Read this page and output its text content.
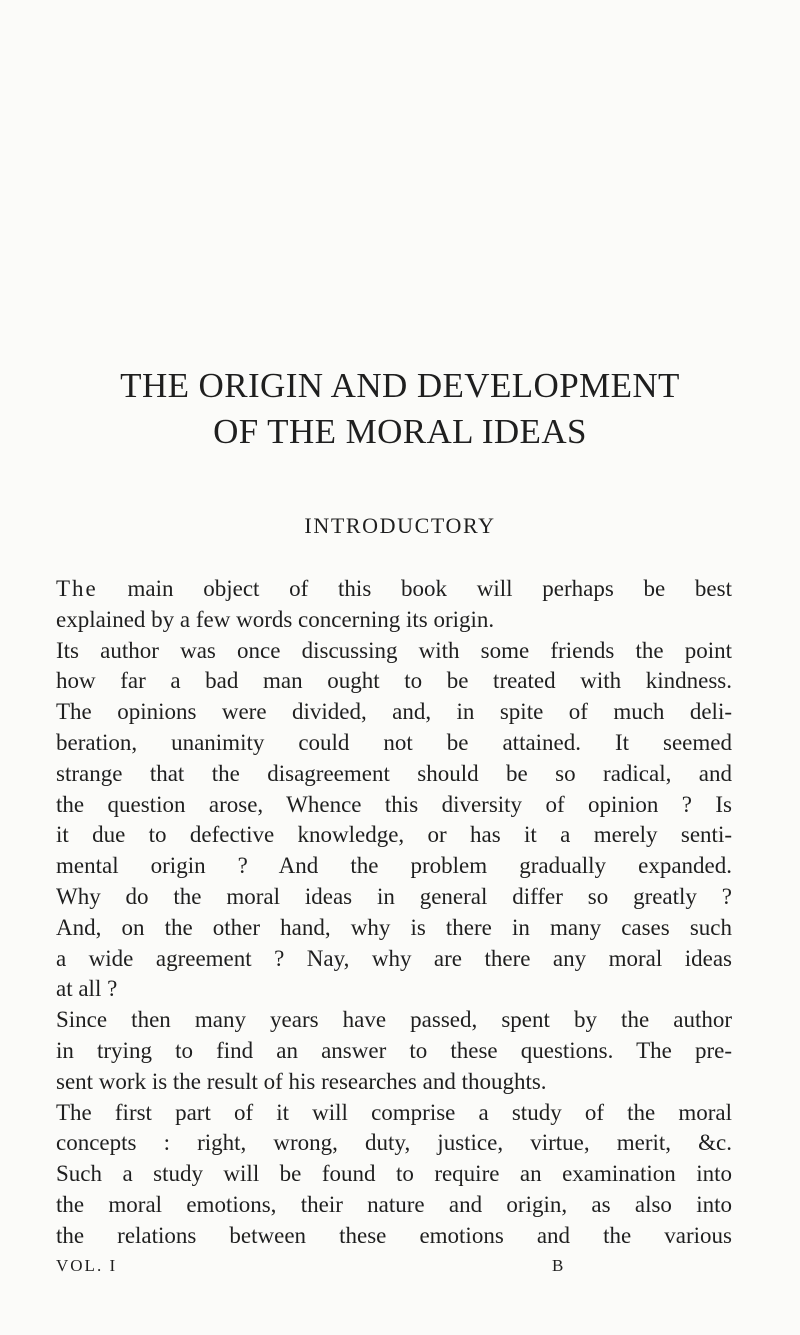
THE ORIGIN AND DEVELOPMENT
OF THE MORAL IDEAS
INTRODUCTORY
The main object of this book will perhaps be best
explained by a few words concerning its origin.
Its author was once discussing with some friends the point
how far a bad man ought to be treated with kindness.
The opinions were divided, and, in spite of much deli-
beration, unanimity could not be attained. It seemed
strange that the disagreement should be so radical, and
the question arose, Whence this diversity of opinion ? Is
it due to defective knowledge, or has it a merely senti-
mental origin ? And the problem gradually expanded.
Why do the moral ideas in general differ so greatly ?
And, on the other hand, why is there in many cases such
a wide agreement ? Nay, why are there any moral ideas
at all ?
Since then many years have passed, spent by the author
in trying to find an answer to these questions. The pre-
sent work is the result of his researches and thoughts.
The first part of it will comprise a study of the moral
concepts : right, wrong, duty, justice, virtue, merit, &c.
Such a study will be found to require an examination into
the moral emotions, their nature and origin, as also into
the relations between these emotions and the various
VOL. I	B
